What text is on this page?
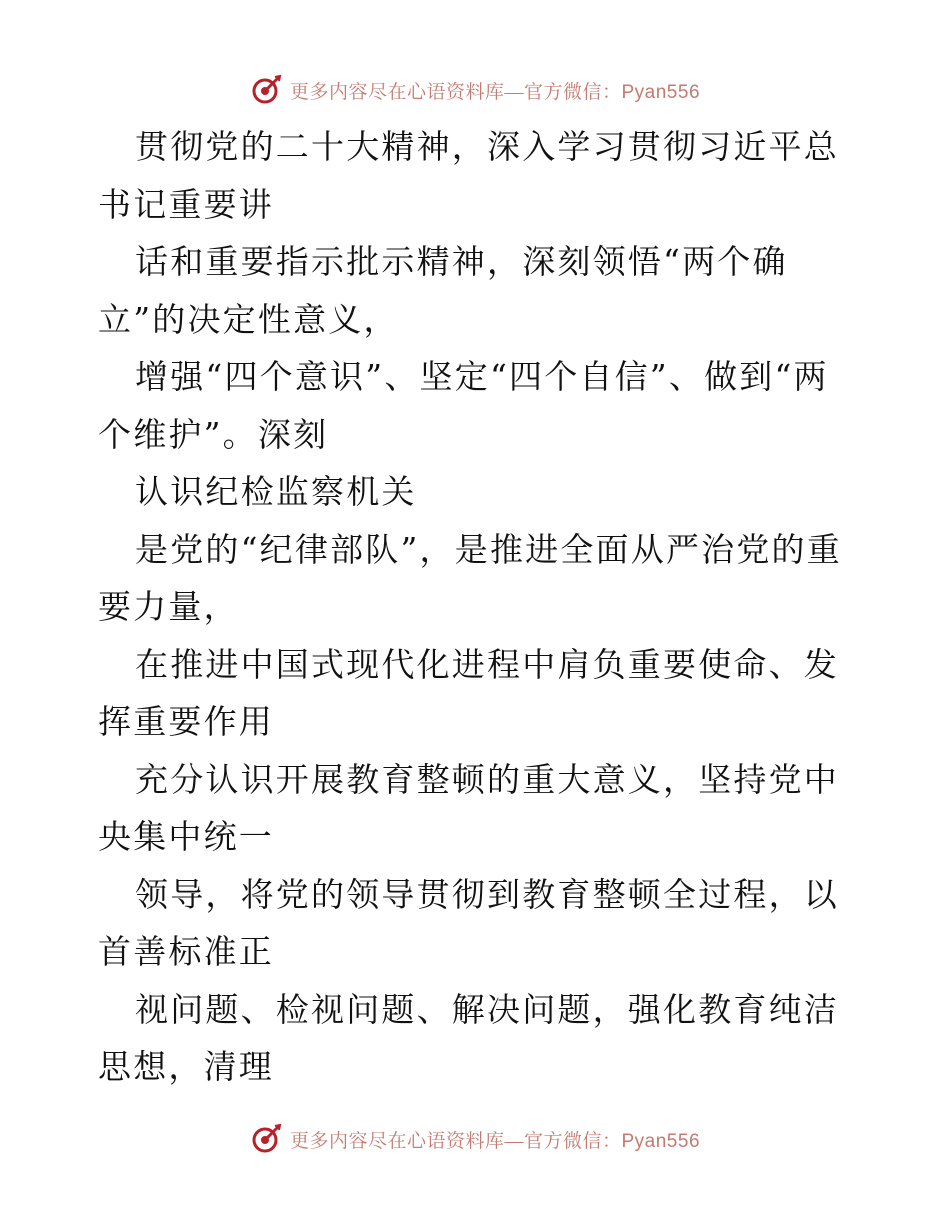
更多内容尽在心语资料库—官方微信：Pyan556

贯彻党的二十大精神，深入学习贯彻习近平总书记重要讲

话和重要指示批示精神，深刻领悟“两个确立”的决定性意义，

增强“四个意识”、坚定“四个自信”、做到“两个维护”。深刻

认识纪检监察机关

是党的“纪律部队”，是推进全面从严治党的重要力量，

在推进中国式现代化进程中肩负重要使命、发挥重要作用

充分认识开展教育整顿的重大意义，坚持党中央集中统一

领导，将党的领导贯彻到教育整顿全过程，以首善标准正

视问题、检视问题、解决问题，强化教育纯洁思想，清理

更多内容尽在心语资料库—官方微信：Pyan556
